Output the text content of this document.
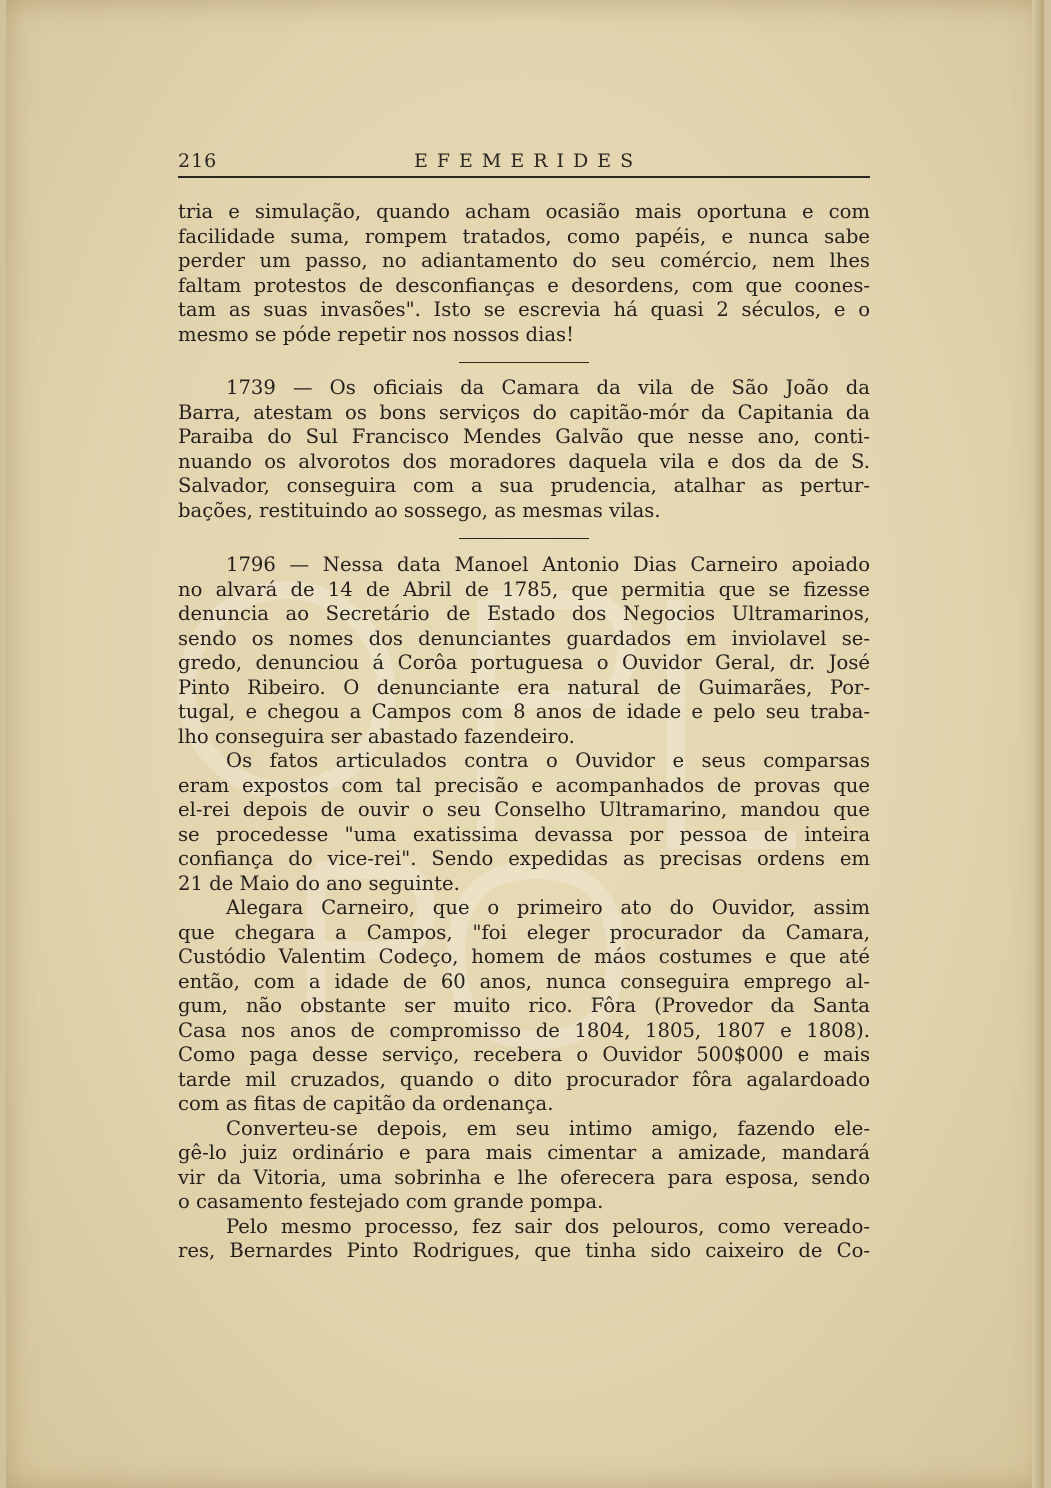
216	EFEMERIDES
tria e simulação, quando acham ocasião mais oportuna e com
facilidade suma, rompem tratados, como papéis, e nunca sabe
perder um passo, no adiantamento do seu comércio, nem lhes
faltam protestos de desconfianças e desordens, com que coones-
tam as suas invasões". Isto se escrevia há quasi 2 séculos, e o
mesmo se póde repetir nos nossos dias!
1739 — Os oficiais da Camara da vila de São João da
Barra, atestam os bons serviços do capitão-mór da Capitania da
Paraiba do Sul Francisco Mendes Galvão que nesse ano, conti-
nuando os alvorotos dos moradores daquela vila e dos da de S.
Salvador, conseguira com a sua prudencia, atalhar as pertur-
bações, restituindo ao sossego, as mesmas vilas.
1796 — Nessa data Manoel Antonio Dias Carneiro apoiado
no alvará de 14 de Abril de 1785, que permitia que se fizesse
denuncia ao Secretário de Estado dos Negocios Ultramarinos,
sendo os nomes dos denunciantes guardados em inviolavel se-
gredo, denunciou á Corôa portuguesa o Ouvidor Geral, dr. José
Pinto Ribeiro. O denunciante era natural de Guimarães, Por-
tugal, e chegou a Campos com 8 anos de idade e pelo seu traba-
lho conseguira ser abastado fazendeiro.
Os fatos articulados contra o Ouvidor e seus comparsas
eram expostos com tal precisão e acompanhados de provas que
el-rei depois de ouvir o seu Conselho Ultramarino, mandou que
se procedesse "uma exatissima devassa por pessoa de inteira
confiança do vice-rei". Sendo expedidas as precisas ordens em
21 de Maio do ano seguinte.
Alegara Carneiro, que o primeiro ato do Ouvidor, assim
que chegara a Campos, "foi eleger procurador da Camara,
Custódio Valentim Codeço, homem de máos costumes e que até
então, com a idade de 60 anos, nunca conseguira emprego al-
gum, não obstante ser muito rico. Fôra (Provedor da Santa
Casa nos anos de compromisso de 1804, 1805, 1807 e 1808).
Como paga desse serviço, recebera o Ouvidor 500$000 e mais
tarde mil cruzados, quando o dito procurador fôra agalardoado
com as fitas de capitão da ordenança.
Converteu-se depois, em seu intimo amigo, fazendo ele-
gê-lo juiz ordinário e para mais cimentar a amizade, mandará
vir da Vitoria, uma sobrinha e lhe oferecera para esposa, sendo
o casamento festejado com grande pompa.
Pelo mesmo processo, fez sair dos pelouros, como vereado-
res, Bernardes Pinto Rodrigues, que tinha sido caixeiro de Co-
